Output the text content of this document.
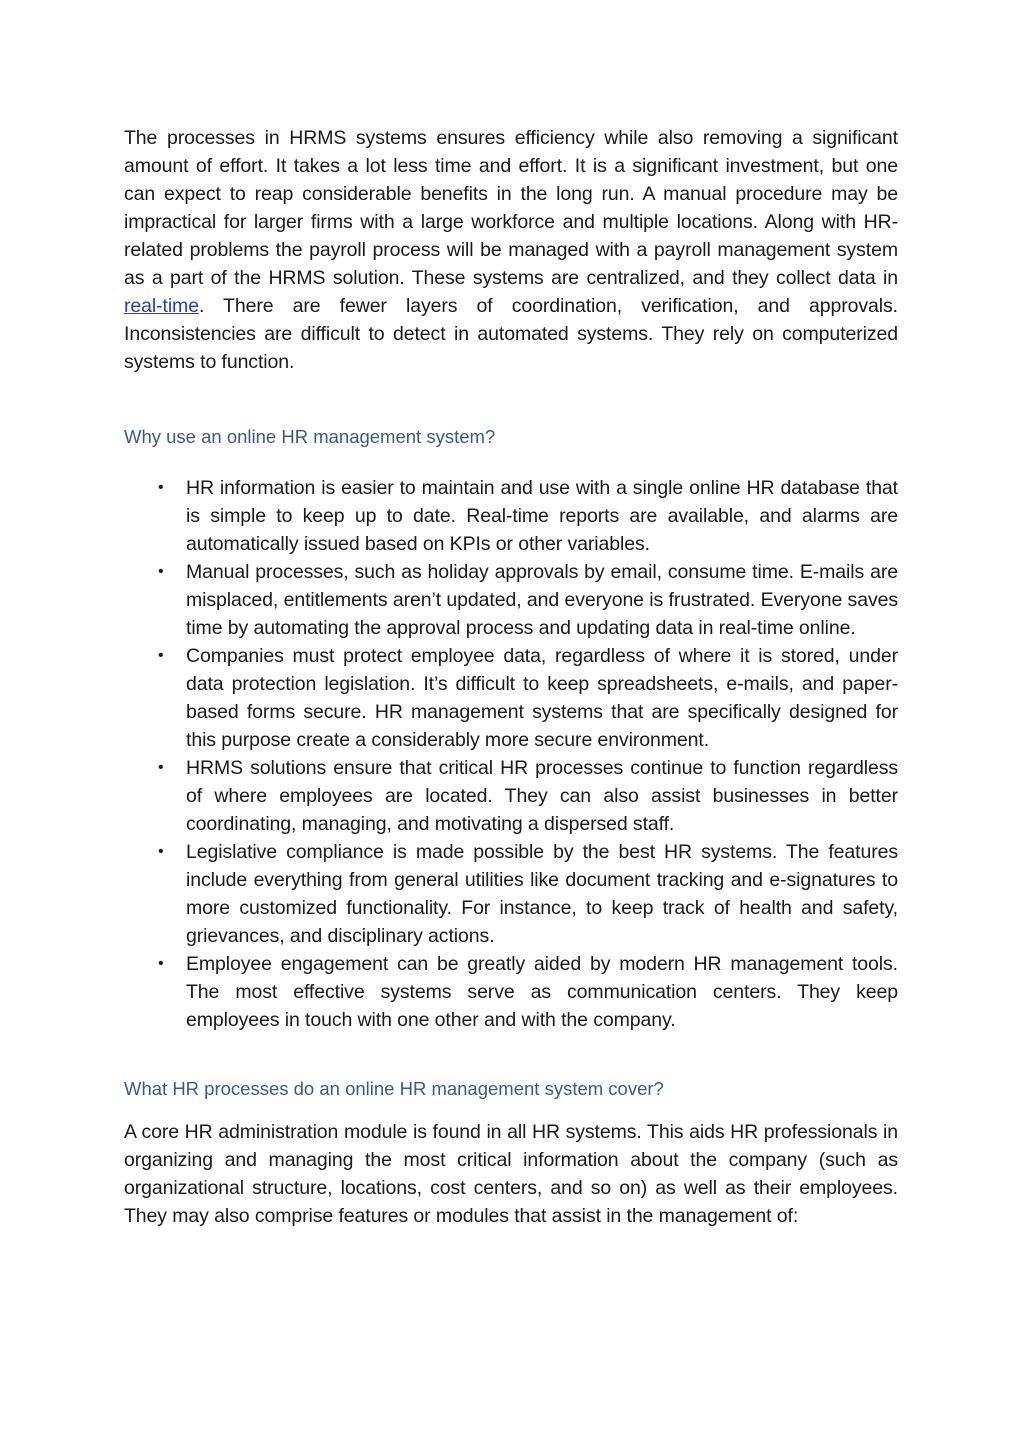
The processes in HRMS systems ensures efficiency while also removing a significant amount of effort. It takes a lot less time and effort. It is a significant investment, but one can expect to reap considerable benefits in the long run. A manual procedure may be impractical for larger firms with a large workforce and multiple locations. Along with HR-related problems the payroll process will be managed with a payroll management system as a part of the HRMS solution. These systems are centralized, and they collect data in real-time. There are fewer layers of coordination, verification, and approvals. Inconsistencies are difficult to detect in automated systems. They rely on computerized systems to function.

Why use an online HR management system?
• HR information is easier to maintain and use with a single online HR database that is simple to keep up to date. Real-time reports are available, and alarms are automatically issued based on KPIs or other variables.
• Manual processes, such as holiday approvals by email, consume time. E-mails are misplaced, entitlements aren’t updated, and everyone is frustrated. Everyone saves time by automating the approval process and updating data in real-time online.
• Companies must protect employee data, regardless of where it is stored, under data protection legislation. It’s difficult to keep spreadsheets, e-mails, and paper-based forms secure. HR management systems that are specifically designed for this purpose create a considerably more secure environment.
• HRMS solutions ensure that critical HR processes continue to function regardless of where employees are located. They can also assist businesses in better coordinating, managing, and motivating a dispersed staff.
• Legislative compliance is made possible by the best HR systems. The features include everything from general utilities like document tracking and e-signatures to more customized functionality. For instance, to keep track of health and safety, grievances, and disciplinary actions.
• Employee engagement can be greatly aided by modern HR management tools. The most effective systems serve as communication centers. They keep employees in touch with one other and with the company.
What HR processes do an online HR management system cover?

A core HR administration module is found in all HR systems. This aids HR professionals in organizing and managing the most critical information about the company (such as organizational structure, locations, cost centers, and so on) as well as their employees. They may also comprise features or modules that assist in the management of:
